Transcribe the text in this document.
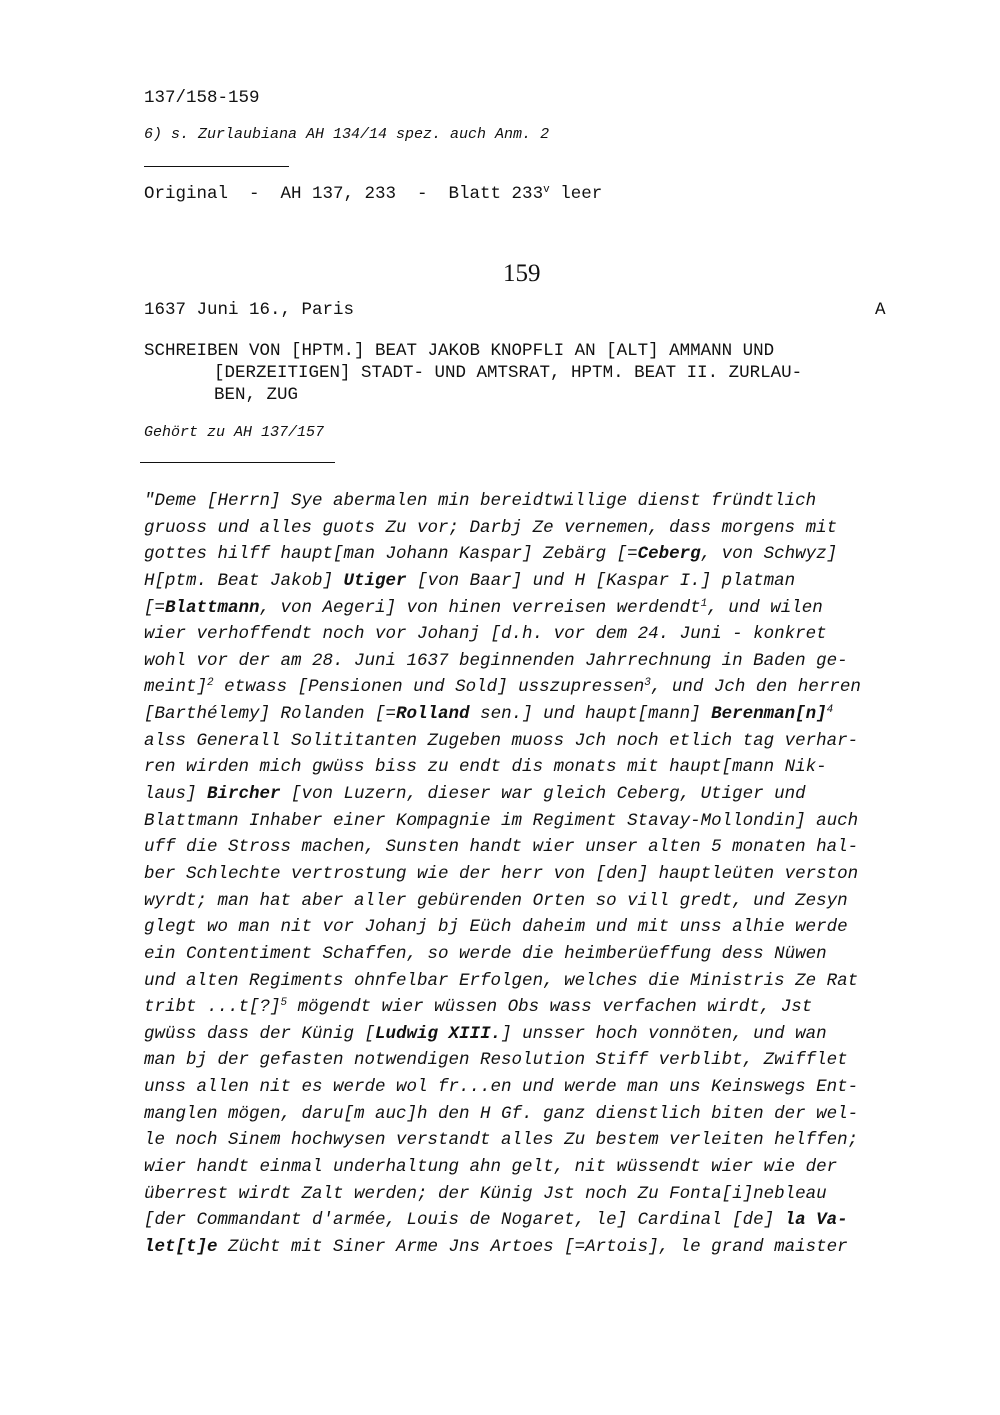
137/158-159
6) s. Zurlaubiana AH 134/14 spez. auch Anm. 2
Original  -  AH 137, 233  -  Blatt 233$^v$ leer
159
1637 Juni 16., Paris	A
SCHREIBEN VON [HPTM.] BEAT JAKOB KNOPFLI AN [ALT] AMMANN UND
[DERZEITIGEN] STADT- UND AMTSRAT, HPTM. BEAT II. ZURLAU-
BEN, ZUG
Gehört zu AH 137/157
"Deme [Herrn] Sye abermalen min bereidtwillige dienst fründtlich
gruoss und alles guots Zu vor; Darbj Ze vernemen, dass morgens mit
gottes hilff haupt[man Johann Kaspar] Zebärg [=Ceberg, von Schwyz]
H[ptm. Beat Jakob] Utiger [von Baar] und H [Kaspar I.] platman
[=Blattmann, von Aegeri] von hinen verreisen werdendt$^1$, und wilen
wier verhoffendt noch vor Johanj [d.h. vor dem 24. Juni - konkret
wohl vor der am 28. Juni 1637 beginnenden Jahrrechnung in Baden ge-
meint]$^2$ etwass [Pensionen und Sold] usszupressen$^3$, und Jch den herren
[Barthélemy] Rolanden [=Rolland sen.] und haupt[mann] $Berenman[n]^4$
alss Generall Solititanten Zugeben muoss Jch noch etlich tag verhar-
ren wirden mich gwüss biss zu endt dis monats mit haupt[mann Nik-
laus] Bircher [von Luzern, dieser war gleich Ceberg, Utiger und
Blattmann Inhaber einer Kompagnie im Regiment Stavay-Mollondin] auch
uff die Stross machen, Sunsten handt wier unser alten 5 monaten hal-
ber Schlechte vertrostung wie der herr von [den] hauptleüten verston
wyrdt; man hat aber aller gebürenden Orten so vill gredt, und Zesyn
glegt wo man nit vor Johanj bj Eüch daheim und mit unss alhie werde
ein Contentiment Schaffen, so werde die heimberüeffung dess Nüwen
und alten Regiments ohnfelbar Erfolgen, welches die Ministris Ze Rat
tribt ...t[?]$^5$ mögendt wier wüssen Obs wass verfachen wirdt, Jst
gwüss dass der Künig [Ludwig XIII.] unsser hoch vonnöten, und wan
man bj der gefasten notwendigen Resolution Stiff verblibt, Zwifflet
unss allen nit es werde wol fr...en und werde man uns Keinswegs Ent-
manglen mögen, daru[m auc]h den H Gf. ganz dienstlich biten der wel-
le noch Sinem hochwysen verstandt alles Zu bestem verleiten helffen;
wier handt einmal underhaltung ahn gelt, nit wüssendt wier wie der
überrest wirdt Zalt werden; der Künig Jst noch Zu Fonta[i]nebleau
[der Commandant d'armée, Louis de Nogaret, le] Cardinal [de] la Va-
let[t]e Zücht mit Siner Arme Jns Artoes [=Artois], le grand maister
